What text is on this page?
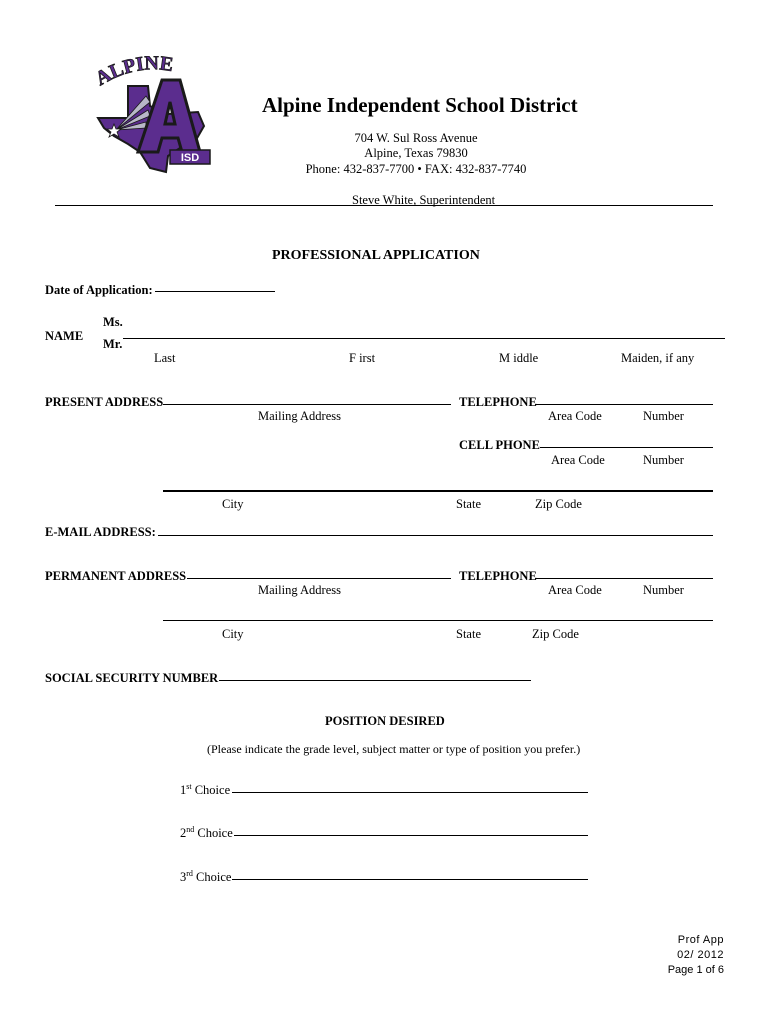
ALPINE
ISD
Alpine Independent School District
704 W. Sul Ross Avenue
Alpine, Texas 79830
Phone: 432-837-7700 • FAX: 432-837-7740
Steve White, Superintendent
PROFESSIONAL APPLICATION
Date of Application:
NAME
Ms.
Mr.
Last	F irst	M iddle	Maiden, if any
PRESENT ADDRESS
Mailing Address
TELEPHONE
Area Code	Number
CELL PHONE
Area Code	Number
City	State	Zip Code
E-MAIL ADDRESS:
PERMANENT ADDRESS
Mailing Address
TELEPHONE
Area Code	Number
City	State	Zip Code
SOCIAL SECURITY NUMBER
POSITION DESIRED
(Please indicate the grade level, subject matter or type of position you prefer.)
1st Choice
2nd Choice
3rd Choice
Prof App
02/ 2012
Page 1 of 6
